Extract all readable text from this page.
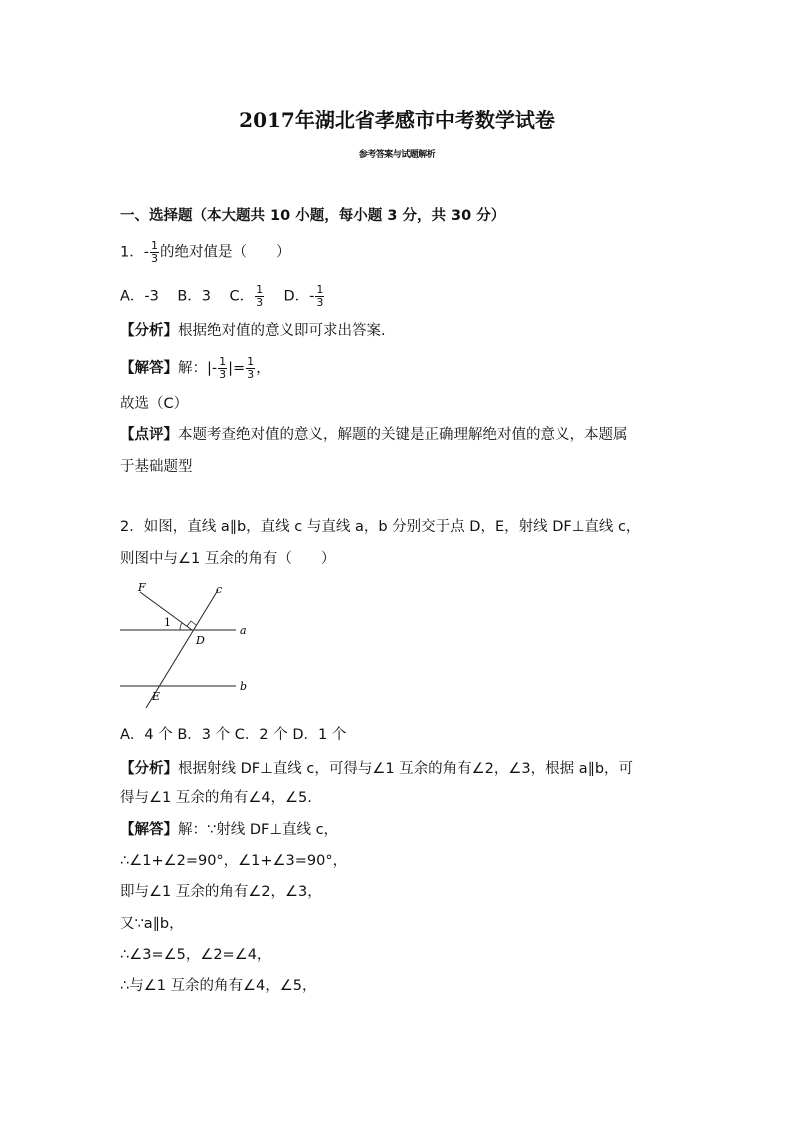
2017年湖北省孝感市中考数学试卷
参考答案与试题解析
一、选择题（本大题共 10 小题，每小题 3 分，共 30 分）
1．- $\frac{1}{3}$ 的绝对值是（　　）
A．-3 B．3 C． $\frac{1}{3}$ D．- $\frac{1}{3}$
【分析】根据绝对值的意义即可求出答案.
【解答】解：|- $\frac{1}{3}$ |= $\frac{1}{3}$ ，
故选（C）
【点评】本题考查绝对值的意义，解题的关键是正确理解绝对值的意义，本题属
于基础题型
2．如图，直线 a∥b，直线 c 与直线 a，b 分别交于点 D，E，射线 DF⊥直线 c，
则图中与∠1 互余的角有（　　）
F	c
1
D
a
E
b
A．4 个 B．3 个 C．2 个 D．1 个
【分析】根据射线 DF⊥直线 c，可得与∠1 互余的角有∠2，∠3，根据 a∥b，可
得与∠1 互余的角有∠4，∠5.
【解答】解：∵射线 DF⊥直线 c，
∴∠1+∠2=90°，∠1+∠3=90°，
即与∠1 互余的角有∠2，∠3，
又∵a∥b，
∴∠3=∠5，∠2=∠4，
∴与∠1 互余的角有∠4，∠5，
